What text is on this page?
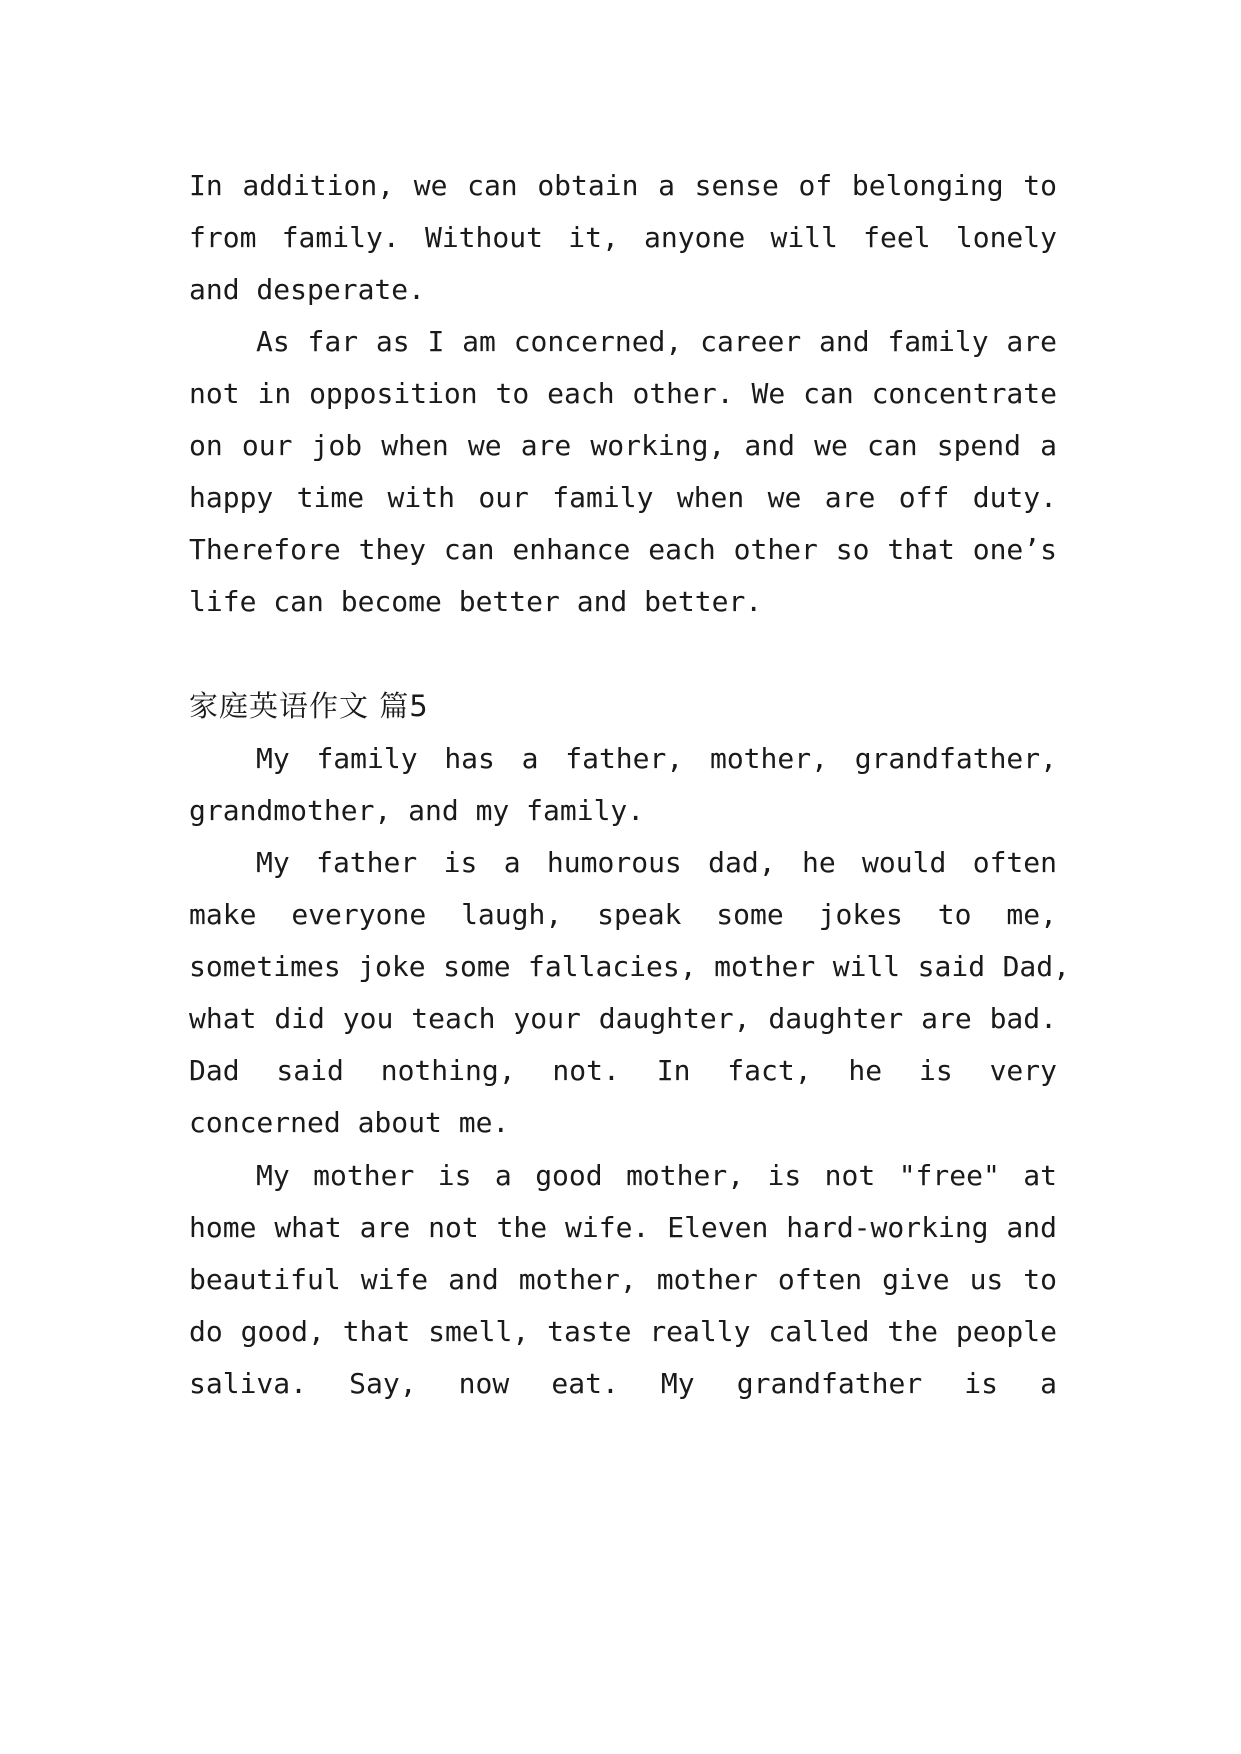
In addition, we can obtain a sense of belonging to
from family. Without it, anyone will feel lonely
and desperate.
As far as I am concerned, career and family are
not in opposition to each other. We can concentrate
on our job when we are working, and we can spend a
happy time with our family when we are off duty.
Therefore they can enhance each other so that one’s
life can become better and better.
家庭英语作文 篇5
My family has a father, mother, grandfather,
grandmother, and my family.
My father is a humorous dad, he would often
make everyone laugh, speak some jokes to me,
sometimes joke some fallacies, mother will said Dad,
what did you teach your daughter, daughter are bad.
Dad said nothing, not. In fact, he is very
concerned about me.
My mother is a good mother, is not "free" at
home what are not the wife. Eleven hard-working and
beautiful wife and mother, mother often give us to
do good, that smell, taste really called the people
saliva. Say, now eat. My grandfather is a
